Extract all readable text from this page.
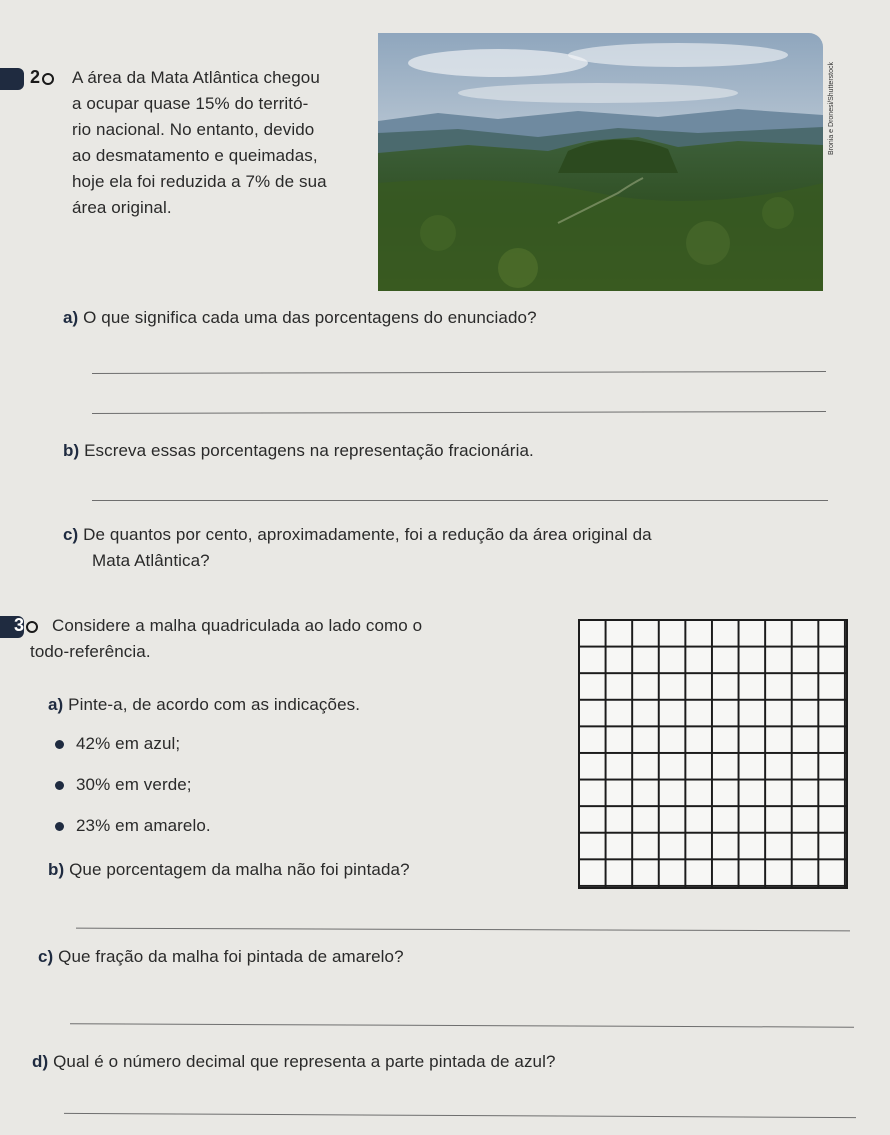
2 A área da Mata Atlântica chegou
a ocupar quase 15% do territó-
rio nacional. No entanto, devido
ao desmatamento e queimadas,
hoje ela foi reduzida a 7% de sua
área original.
Bronia e Dronesi/Shutterstock
a) O que significa cada uma das porcentagens do enunciado?
b) Escreva essas porcentagens na representação fracionária.
c) De quantos por cento, aproximadamente, foi a redução da área original da
Mata Atlântica?
3 Considere a malha quadriculada ao lado como o
todo-referência.
a) Pinte-a, de acordo com as indicações.
42% em azul;
30% em verde;
23% em amarelo.
b) Que porcentagem da malha não foi pintada?
c) Que fração da malha foi pintada de amarelo?
d) Qual é o número decimal que representa a parte pintada de azul?
